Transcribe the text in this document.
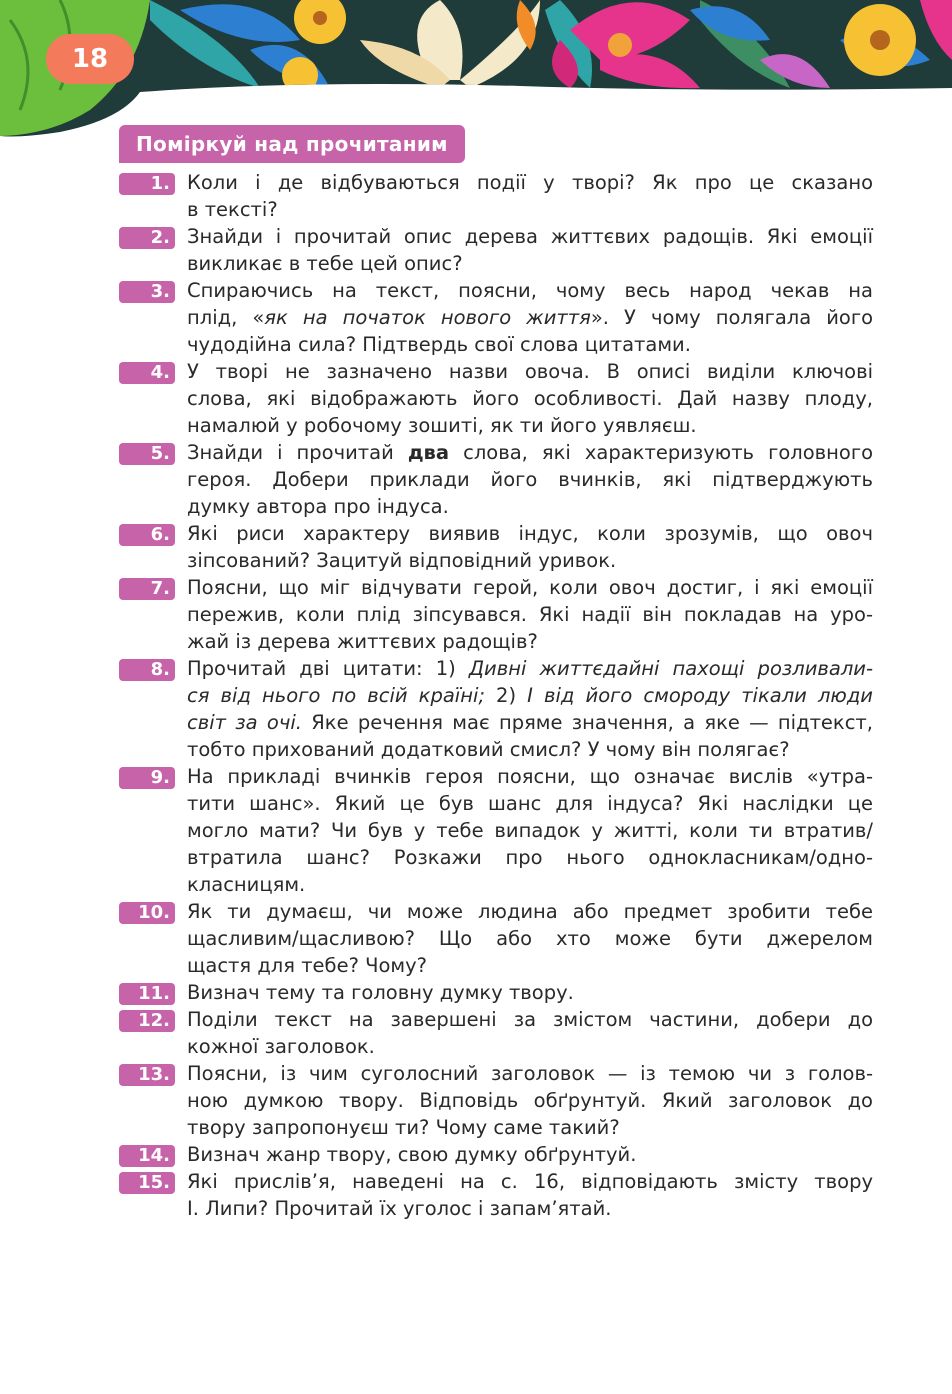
18
Поміркуй над прочитаним
1. Коли і де відбуваються події у творі? Як про це сказано
в тексті?
2. Знайди і прочитай опис дерева життєвих радощів. Які емоції
викликає в тебе цей опис?
3. Спираючись на текст, поясни, чому весь народ чекав на
плід, «як на початок нового життя». У чому полягала його
чудодійна сила? Підтвердь свої слова цитатами.
4. У творі не зазначено назви овоча. В описі виділи ключові
слова, які відображають його особливості. Дай назву плоду,
намалюй у робочому зошиті, як ти його уявляєш.
5. Знайди і прочитай два слова, які характеризують головного
героя. Добери приклади його вчинків, які підтверджують
думку автора про індуса.
6. Які риси характеру виявив індус, коли зрозумів, що овоч
зіпсований? Зацитуй відповідний уривок.
7. Поясни, що міг відчувати герой, коли овоч достиг, і які емоції
пережив, коли плід зіпсувався. Які надії він покладав на уро-
жай із дерева життєвих радощів?
8. Прочитай дві цитати: 1) Дивні життєдайні пахощі розливали-
ся від нього по всій країні; 2) І від його смороду тікали люди
світ за очі. Яке речення має пряме значення, а яке — підтекст,
тобто прихований додатковий смисл? У чому він полягає?
9. На прикладі вчинків героя поясни, що означає вислів «утра-
тити шанс». Який це був шанс для індуса? Які наслідки це
могло мати? Чи був у тебе випадок у житті, коли ти втратив/
втратила шанс? Розкажи про нього однокласникам/одно-
класницям.
10. Як ти думаєш, чи може людина або предмет зробити тебе
щасливим/щасливою? Що або хто може бути джерелом
щастя для тебе? Чому?
11. Визнач тему та головну думку твору.
12. Поділи текст на завершені за змістом частини, добери до
кожної заголовок.
13. Поясни, із чим суголосний заголовок — із темою чи з голов-
ною думкою твору. Відповідь обґрунтуй. Який заголовок до
твору запропонуєш ти? Чому саме такий?
14. Визнач жанр твору, свою думку обґрунтуй.
15. Які прислів’я, наведені на с. 16, відповідають змісту твору
І. Липи? Прочитай їх уголос і запам’ятай.
